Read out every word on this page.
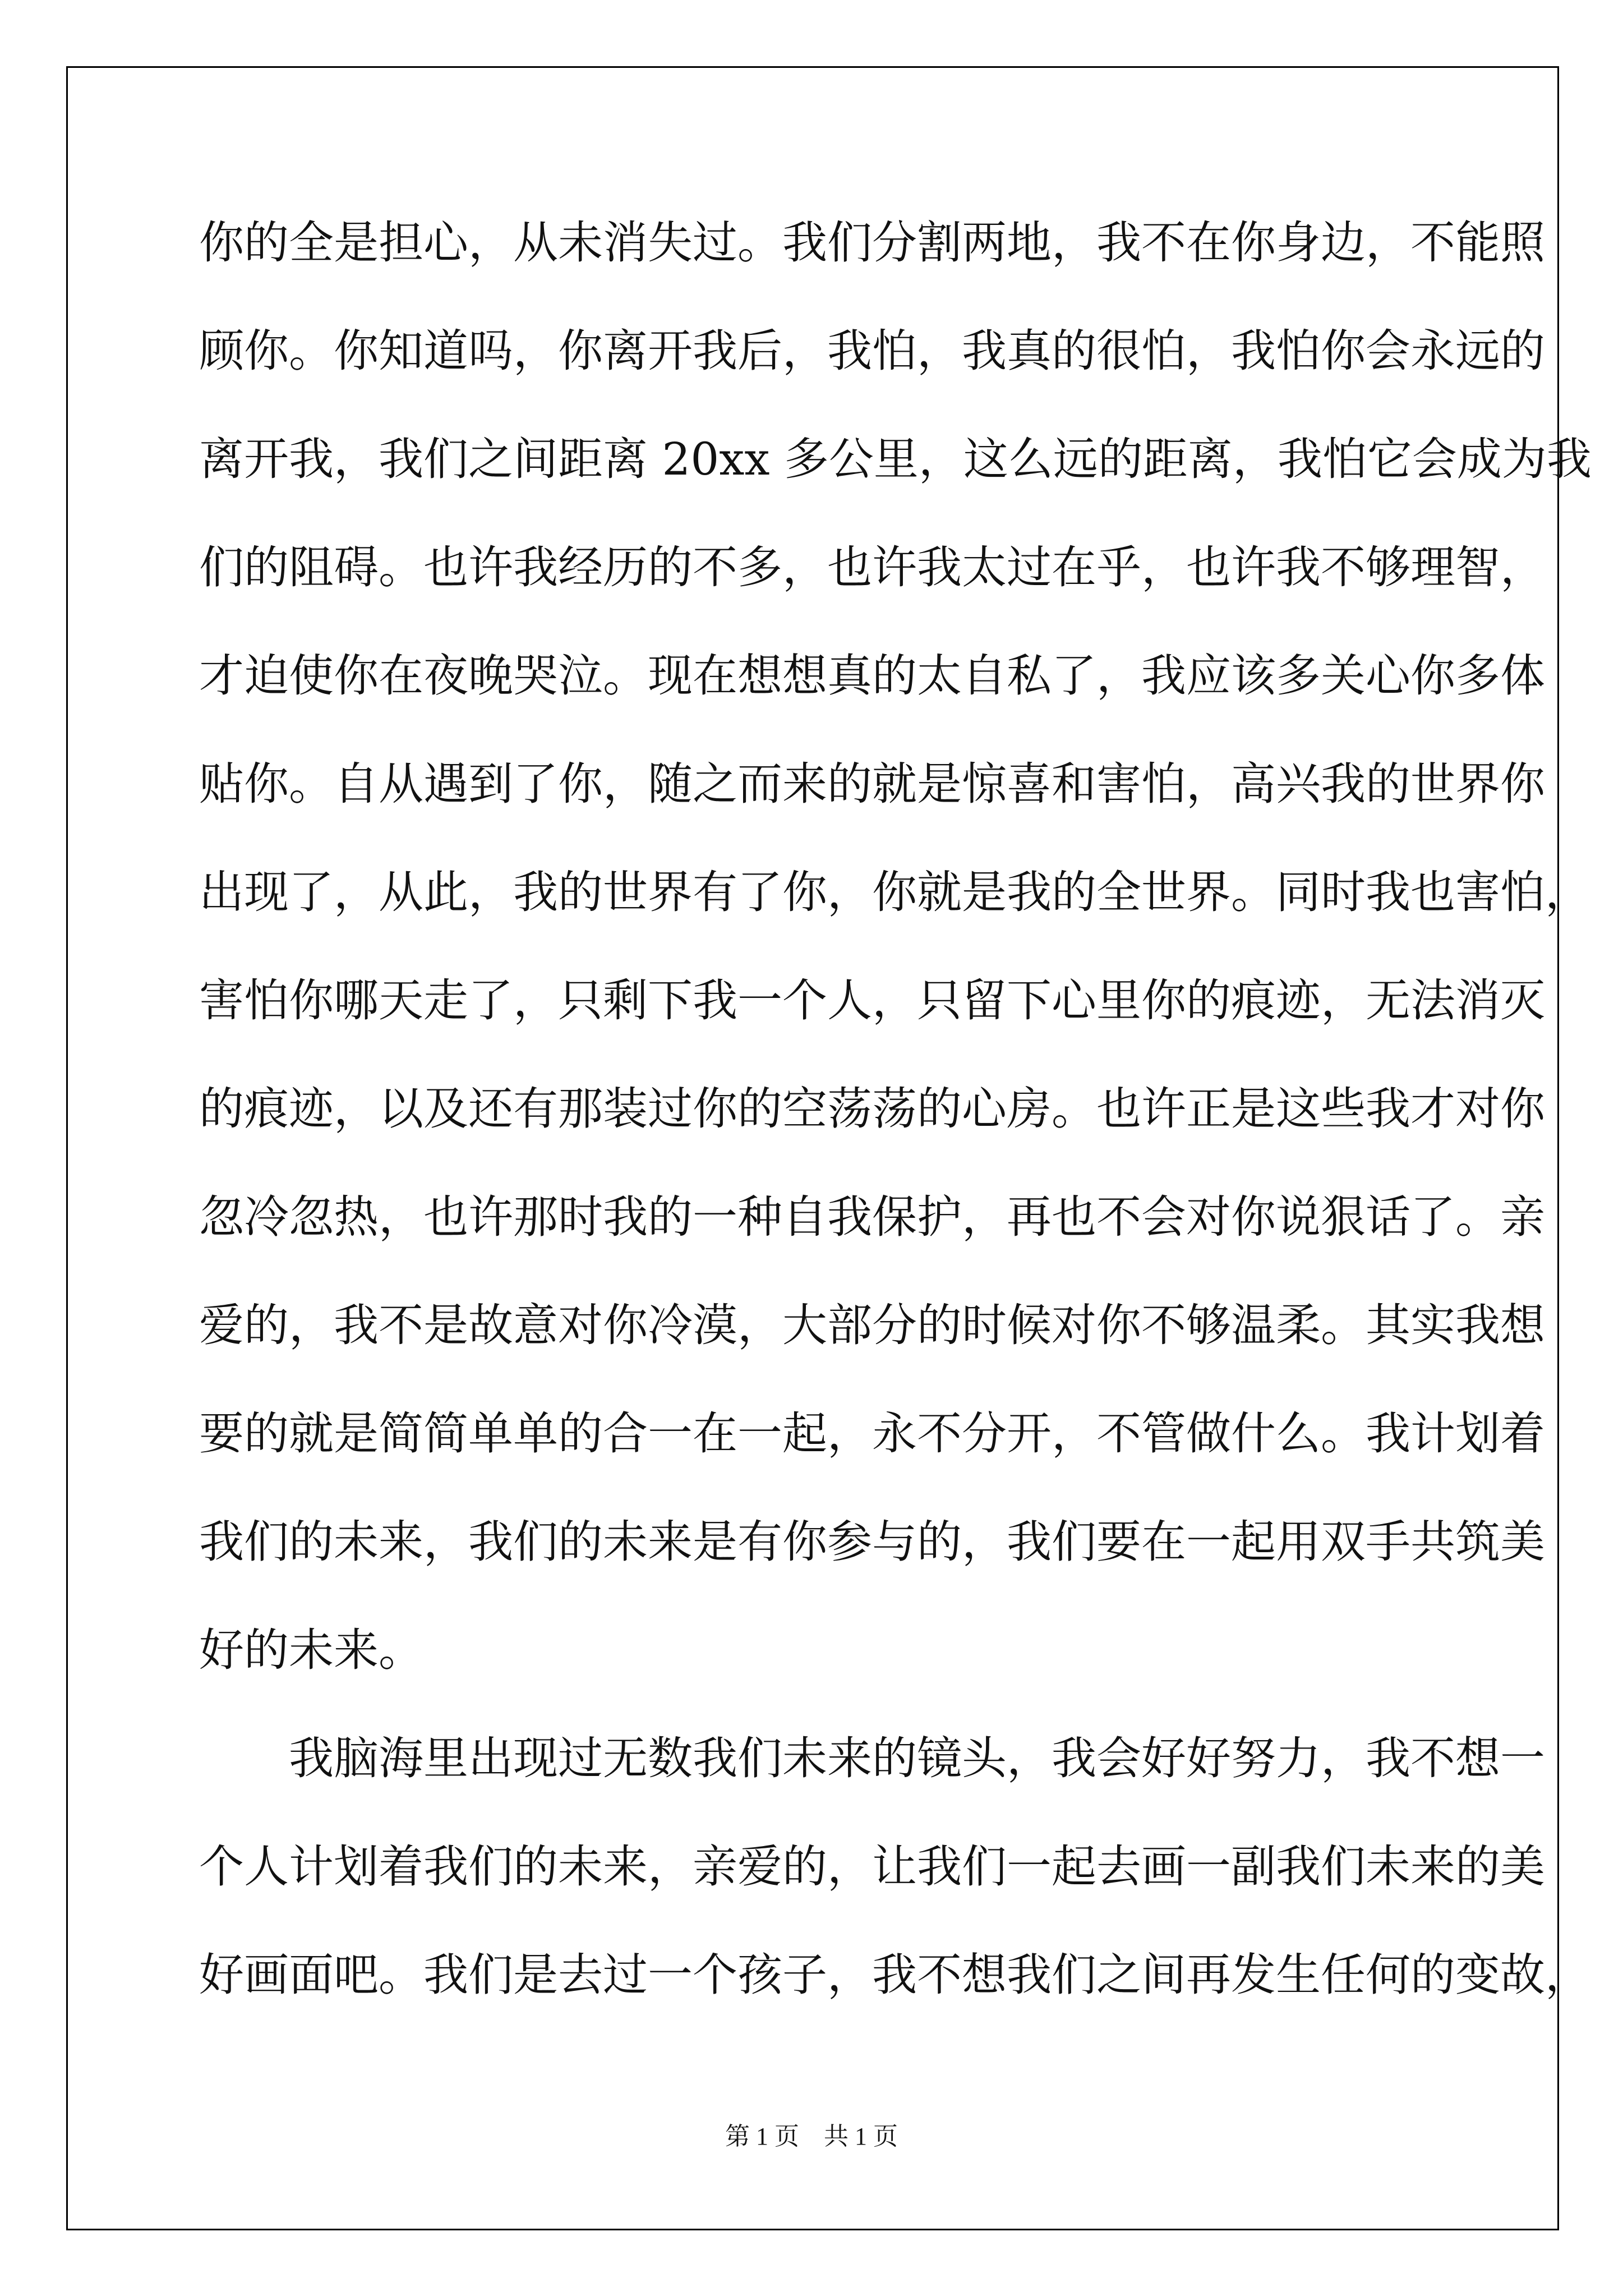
你的全是担心，从未消失过。我们分割两地，我不在你身边，不能照
顾你。你知道吗，你离开我后，我怕，我真的很怕，我怕你会永远的
离开我，我们之间距离 20xx 多公里，这么远的距离，我怕它会成为我
们的阻碍。也许我经历的不多，也许我太过在乎，也许我不够理智，
才迫使你在夜晚哭泣。现在想想真的太自私了，我应该多关心你多体
贴你。自从遇到了你，随之而来的就是惊喜和害怕，高兴我的世界你
出现了，从此，我的世界有了你，你就是我的全世界。同时我也害怕，
害怕你哪天走了，只剩下我一个人，只留下心里你的痕迹，无法消灭
的痕迹，以及还有那装过你的空荡荡的心房。也许正是这些我才对你
忽冷忽热，也许那时我的一种自我保护，再也不会对你说狠话了。亲
爱的，我不是故意对你冷漠，大部分的时候对你不够温柔。其实我想
要的就是简简单单的合一在一起，永不分开，不管做什么。我计划着
我们的未来，我们的未来是有你参与的，我们要在一起用双手共筑美
好的未来。
　　我脑海里出现过无数我们未来的镜头，我会好好努力，我不想一
个人计划着我们的未来，亲爱的，让我们一起去画一副我们未来的美
好画面吧。我们是去过一个孩子，我不想我们之间再发生任何的变故，
第 1 页　共 1 页
